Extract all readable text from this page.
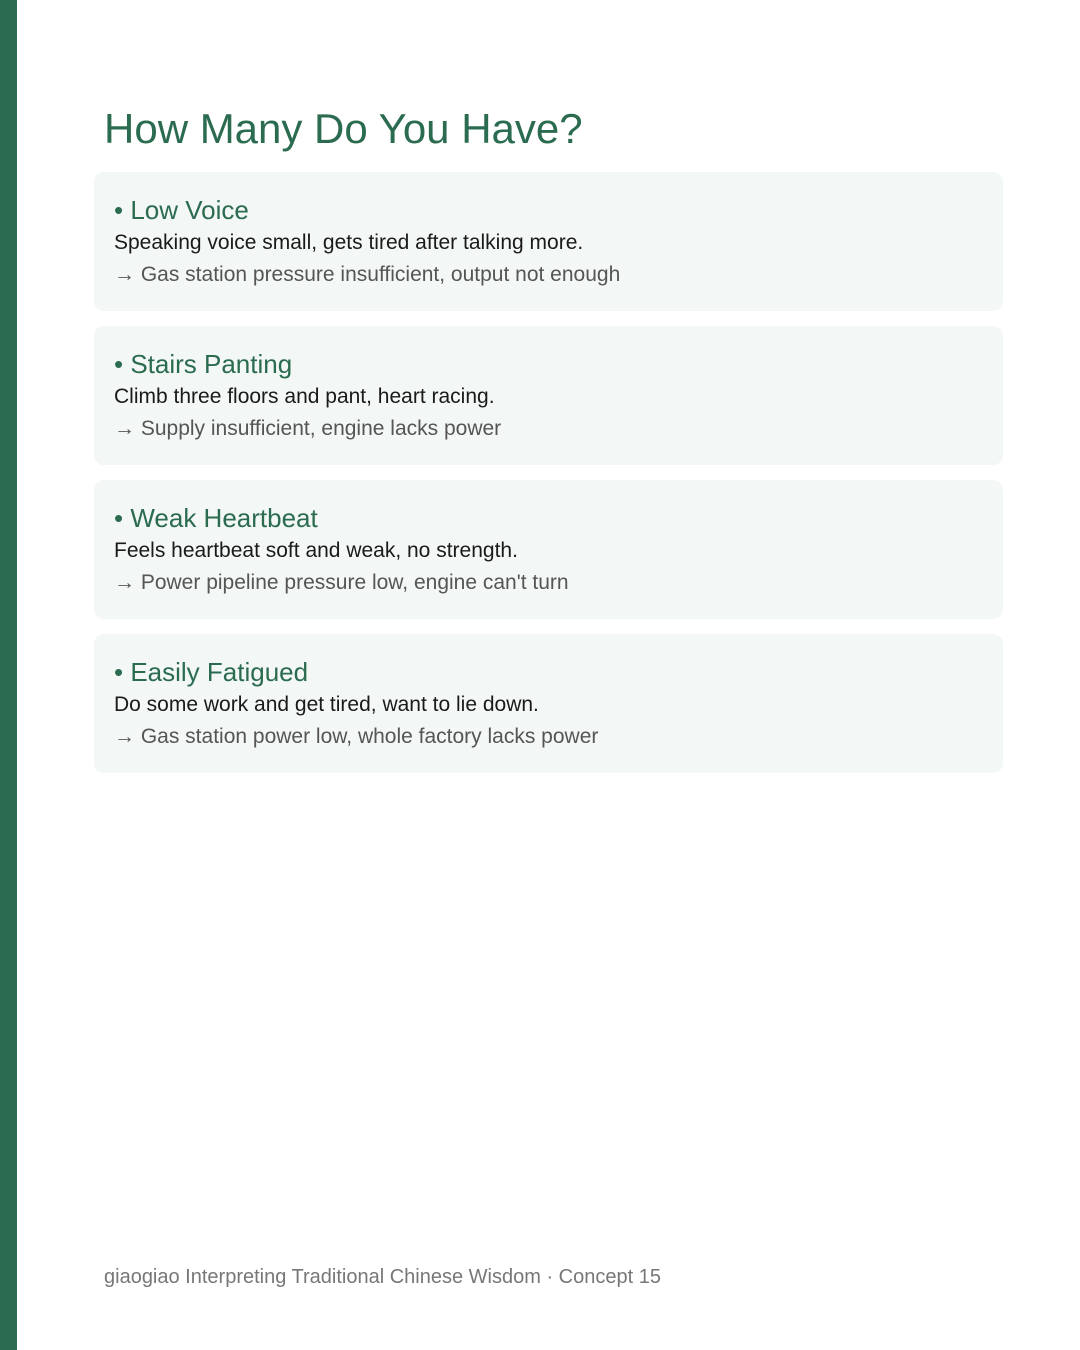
How Many Do You Have?
• Low Voice
Speaking voice small, gets tired after talking more.
→ Gas station pressure insufficient, output not enough
• Stairs Panting
Climb three floors and pant, heart racing.
→ Supply insufficient, engine lacks power
• Weak Heartbeat
Feels heartbeat soft and weak, no strength.
→ Power pipeline pressure low, engine can't turn
• Easily Fatigued
Do some work and get tired, want to lie down.
→ Gas station power low, whole factory lacks power
giaogiao Interpreting Traditional Chinese Wisdom · Concept 15
